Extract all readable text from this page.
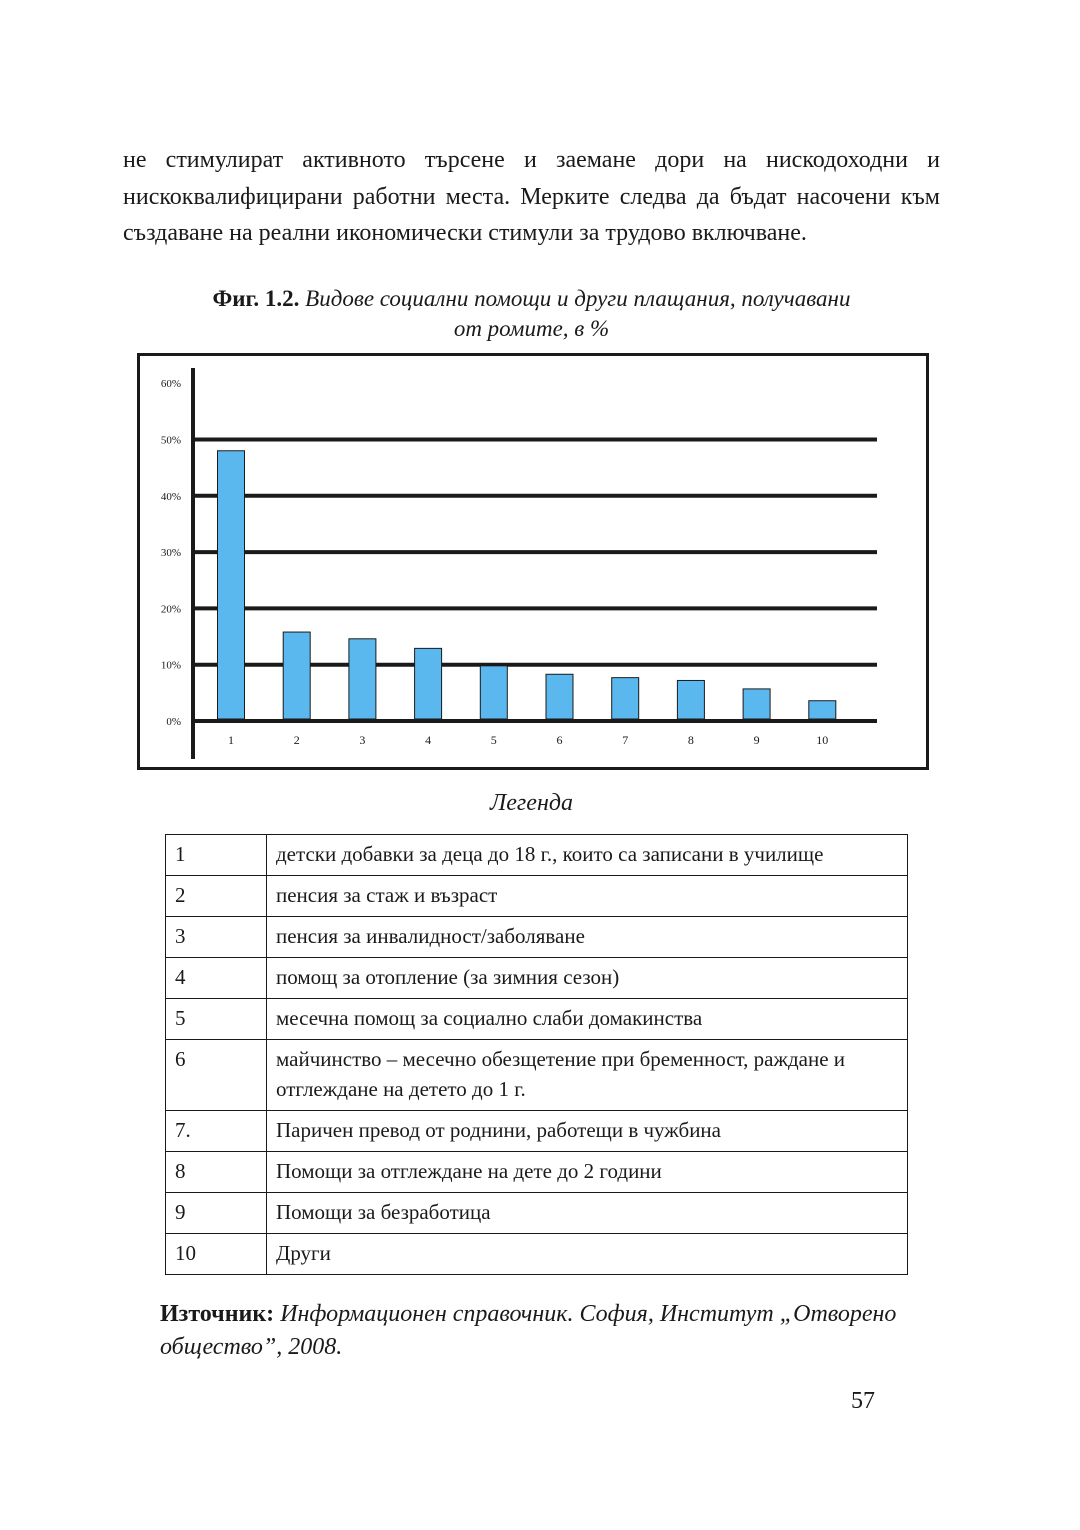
не стимулират активното търсене и заемане дори на нискодоходни и нискоквалифицирани работни места. Мерките следва да бъдат насочени към създаване на реални икономически стимули за трудово включване.

Фиг. 1.2. Видове социални помощи и други плащания, получавани
от ромите, в %

0%
10%
20%
30%
40%
50%
60%
1	2	3	4	5	6	7	8	9	10

Легенда

1	детски добавки за деца до 18 г., които са записани в училище
2	пенсия за стаж и възраст
3	пенсия за инвалидност/заболяване
4	помощ за отопление (за зимния сезон)
5	месечна помощ за социално слаби домакинства
6	майчинство – месечно обезщетение при бременност, раждане и отглеждане на детето до 1 г.
7.	Паричен превод от роднини, работещи в чужбина
8	Помощи за отглеждане на дете до 2 години
9	Помощи за безработица
10	Други

Източник: Информационен справочник. София, Институт „Отворено общество”, 2008.

57
